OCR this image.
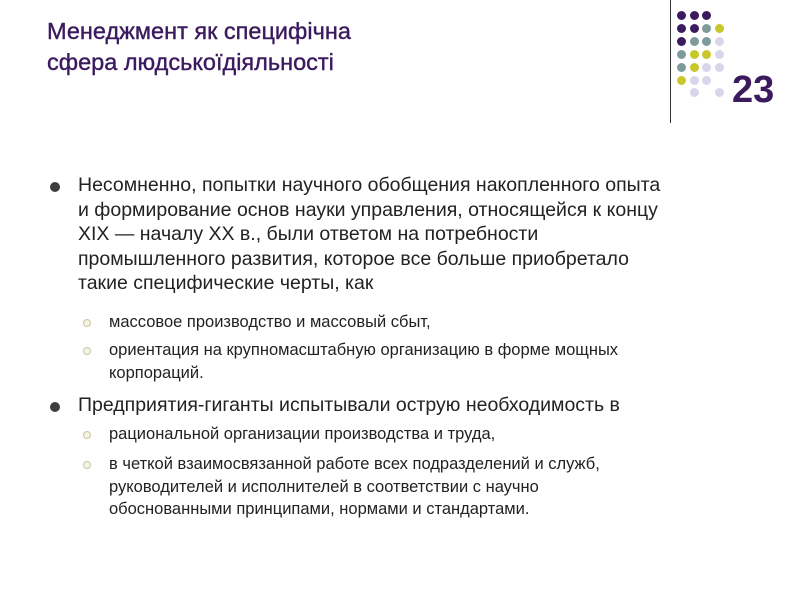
Менеджмент як специфічна
сфера людськоїдіяльності
23
Несомненно, попытки научного обобщения накопленного опыта
и формирование основ науки управления, относящейся к концу
XIX — началу XX в., были ответом на потребности
промышленного развития, которое все больше приобретало
такие специфические черты, как
массовое производство и массовый сбыт,
ориентация на крупномасштабную организацию в форме мощных
корпораций.
Предприятия-гиганты испытывали острую необходимость в
рациональной организации производства и труда,
в четкой взаимосвязанной работе всех подразделений и служб,
руководителей и исполнителей в соответствии с научно
обоснованными принципами, нормами и стандартами.
